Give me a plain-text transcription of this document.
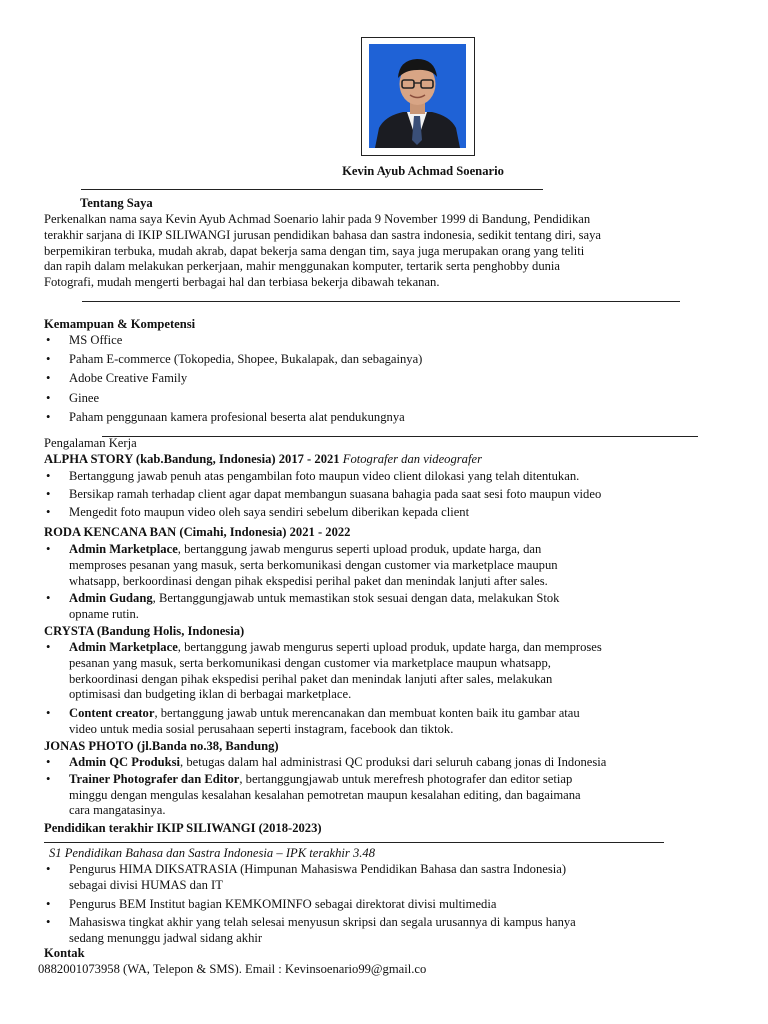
Kevin Ayub Achmad Soenario
Tentang Saya
Perkenalkan nama saya Kevin Ayub Achmad Soenario lahir pada 9 November 1999 di Bandung, Pendidikan
terakhir sarjana di IKIP SILIWANGI jurusan pendidikan bahasa dan sastra indonesia, sedikit tentang diri, saya
berpemikiran terbuka, mudah akrab, dapat bekerja sama dengan tim, saya juga merupakan orang yang teliti
dan rapih dalam melakukan perkerjaan, mahir menggunakan komputer, tertarik serta penghobby dunia
Fotografi, mudah mengerti berbagai hal dan terbiasa bekerja dibawah tekanan.
Kemampuan & Kompetensi
• MS Office
• Paham E-commerce (Tokopedia, Shopee, Bukalapak, dan sebagainya)
• Adobe Creative Family
• Ginee
• Paham penggunaan kamera profesional beserta alat pendukungnya
Pengalaman Kerja
ALPHA STORY (kab.Bandung, Indonesia) 2017 - 2021 Fotografer dan videografer
• Bertanggung jawab penuh atas pengambilan foto maupun video client dilokasi yang telah ditentukan.
• Bersikap ramah terhadap client agar dapat membangun suasana bahagia pada saat sesi foto maupun video
• Mengedit foto maupun video oleh saya sendiri sebelum diberikan kepada client
RODA KENCANA BAN (Cimahi, Indonesia) 2021 - 2022
• Admin Marketplace, bertanggung jawab mengurus seperti upload produk, update harga, dan
memproses pesanan yang masuk, serta berkomunikasi dengan customer via marketplace maupun
whatsapp, berkoordinasi dengan pihak ekspedisi perihal paket dan menindak lanjuti after sales.
• Admin Gudang, Bertanggungjawab untuk memastikan stok sesuai dengan data, melakukan Stok
opname rutin.
CRYSTA (Bandung Holis, Indonesia)
• Admin Marketplace, bertanggung jawab mengurus seperti upload produk, update harga, dan memproses
pesanan yang masuk, serta berkomunikasi dengan customer via marketplace maupun whatsapp,
berkoordinasi dengan pihak ekspedisi perihal paket dan menindak lanjuti after sales, melakukan
optimisasi dan budgeting iklan di berbagai marketplace.
• Content creator, bertanggung jawab untuk merencanakan dan membuat konten baik itu gambar atau
video untuk media sosial perusahaan seperti instagram, facebook dan tiktok.
JONAS PHOTO (jl.Banda no.38, Bandung)
• Admin QC Produksi, betugas dalam hal administrasi QC produksi dari seluruh cabang jonas di Indonesia
• Trainer Photografer dan Editor, bertanggungjawab untuk merefresh photografer dan editor setiap
minggu dengan mengulas kesalahan kesalahan pemotretan maupun kesalahan editing, dan bagaimana
cara mangatasinya.
Pendidikan terakhir IKIP SILIWANGI (2018-2023)
S1 Pendidikan Bahasa dan Sastra Indonesia – IPK terakhir 3.48
• Pengurus HIMA DIKSATRASIA (Himpunan Mahasiswa Pendidikan Bahasa dan sastra Indonesia)
sebagai divisi HUMAS dan IT
• Pengurus BEM Institut bagian KEMKOMINFO sebagai direktorat divisi multimedia
• Mahasiswa tingkat akhir yang telah selesai menyusun skripsi dan segala urusannya di kampus hanya
sedang menunggu jadwal sidang akhir
Kontak
0882001073958 (WA, Telepon & SMS). Email : Kevinsoenario99@gmail.co
